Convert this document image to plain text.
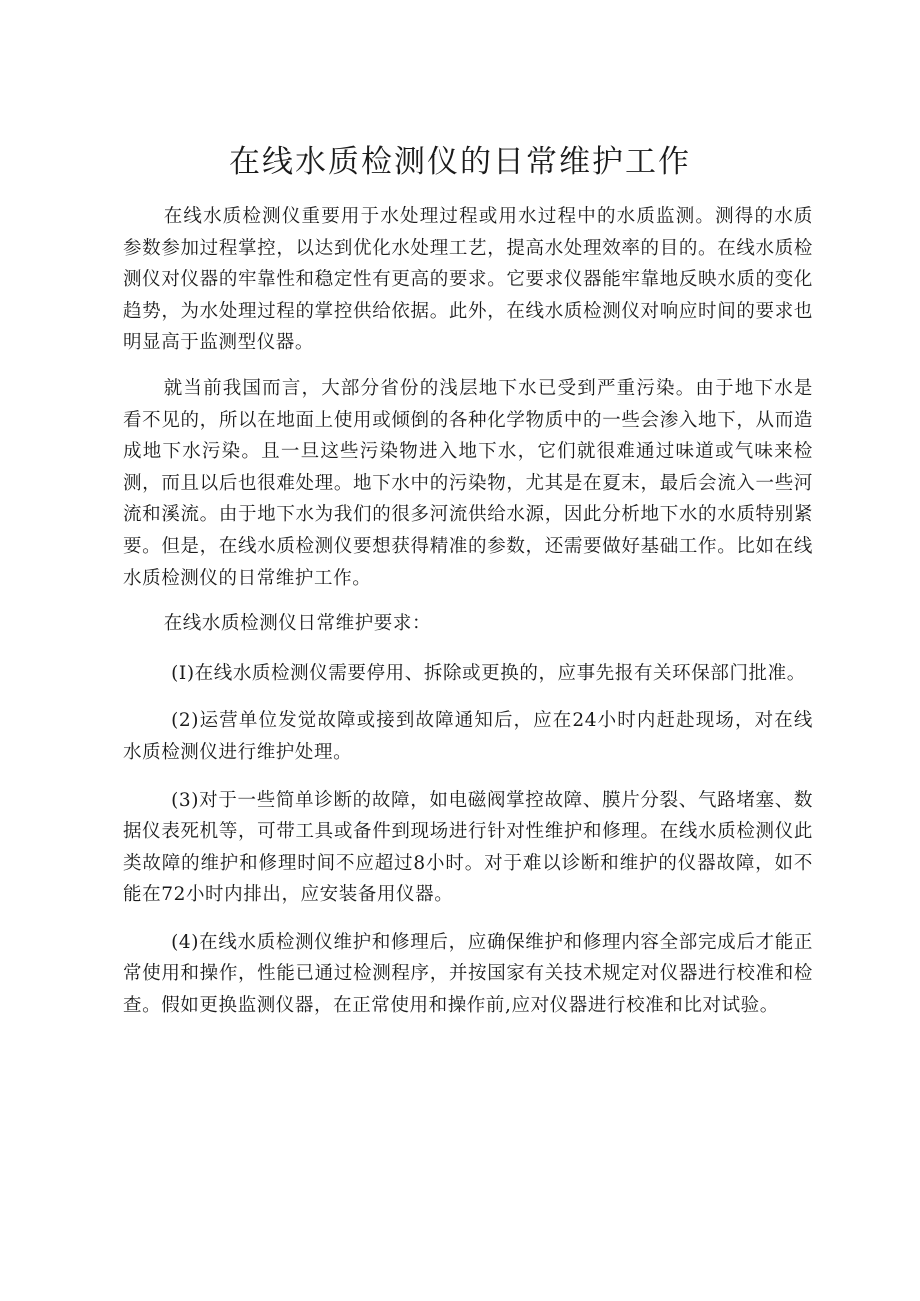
在线水质检测仪的日常维护工作

在线水质检测仪重要用于水处理过程或用水过程中的水质监测。测得的水质参数参加过程掌控，以达到优化水处理工艺，提高水处理效率的目的。在线水质检测仪对仪器的牢靠性和稳定性有更高的要求。它要求仪器能牢靠地反映水质的变化趋势，为水处理过程的掌控供给依据。此外，在线水质检测仪对响应时间的要求也明显高于监测型仪器。

就当前我国而言，大部分省份的浅层地下水已受到严重污染。由于地下水是看不见的，所以在地面上使用或倾倒的各种化学物质中的一些会渗入地下，从而造成地下水污染。且一旦这些污染物进入地下水，它们就很难通过味道或气味来检测，而且以后也很难处理。地下水中的污染物，尤其是在夏末，最后会流入一些河流和溪流。由于地下水为我们的很多河流供给水源，因此分析地下水的水质特别紧要。但是，在线水质检测仪要想获得精准的参数，还需要做好基础工作。比如在线水质检测仪的日常维护工作。

在线水质检测仪日常维护要求：

(I)在线水质检测仪需要停用、拆除或更换的，应事先报有关环保部门批准。

(2)运营单位发觉故障或接到故障通知后，应在24小时内赶赴现场，对在线水质检测仪进行维护处理。

(3)对于一些简单诊断的故障，如电磁阀掌控故障、膜片分裂、气路堵塞、数据仪表死机等，可带工具或备件到现场进行针对性维护和修理。在线水质检测仪此类故障的维护和修理时间不应超过8小时。对于难以诊断和维护的仪器故障，如不能在72小时内排出，应安装备用仪器。

(4)在线水质检测仪维护和修理后，应确保维护和修理内容全部完成后才能正常使用和操作，性能已通过检测程序，并按国家有关技术规定对仪器进行校准和检查。假如更换监测仪器，在正常使用和操作前,应对仪器进行校准和比对试验。
